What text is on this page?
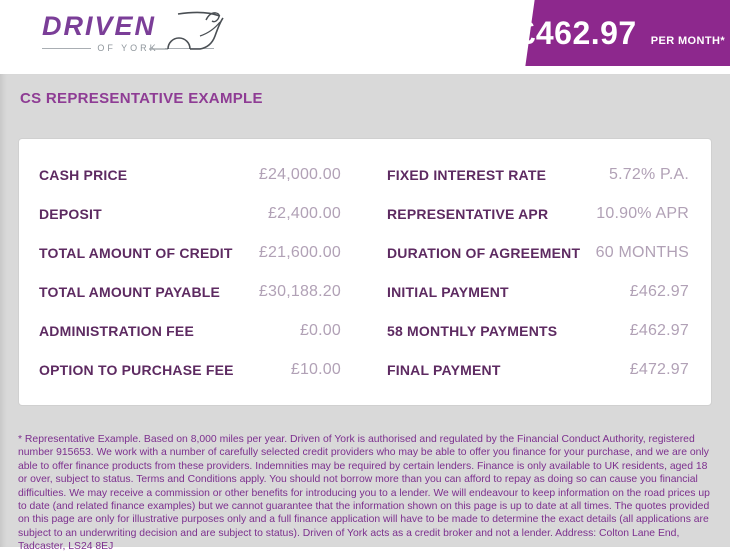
DRIVEN
OF YORK	£462.97 PER MONTH*
CS REPRESENTATIVE EXAMPLE
CASH PRICE	£24,000.00
DEPOSIT	£2,400.00
TOTAL AMOUNT OF CREDIT £21,600.00
TOTAL AMOUNT PAYABLE £30,188.20
ADMINISTRATION FEE	£0.00
OPTION TO PURCHASE FEE	£10.00
FIXED INTEREST RATE	5.72% P.A.
REPRESENTATIVE APR	10.90% APR
DURATION OF AGREEMENT 60 MONTHS
INITIAL PAYMENT	£462.97
58 MONTHLY PAYMENTS	£462.97
FINAL PAYMENT	£472.97

* Representative Example. Based on 8,000 miles per year. Driven of York is authorised and regulated by the Financial Conduct Authority, registered number 915653. We work with a number of carefully selected credit providers who may be able to offer you finance for your purchase, and we are only able to offer finance products from these providers. Indemnities may be required by certain lenders. Finance is only available to UK residents, aged 18 or over, subject to status. Terms and Conditions apply. You should not borrow more than you can afford to repay as doing so can cause you financial difficulties. We may receive a commission or other benefits for introducing you to a lender. We will endeavour to keep information on the road prices up to date (and related finance examples) but we cannot guarantee that the information shown on this page is up to date at all times. The quotes provided on this page are only for illustrative purposes only and a full finance application will have to be made to determine the exact details (all applications are subject to an underwriting decision and are subject to status). Driven of York acts as a credit broker and not a lender. Address: Colton Lane End, Tadcaster, LS24 8EJ
